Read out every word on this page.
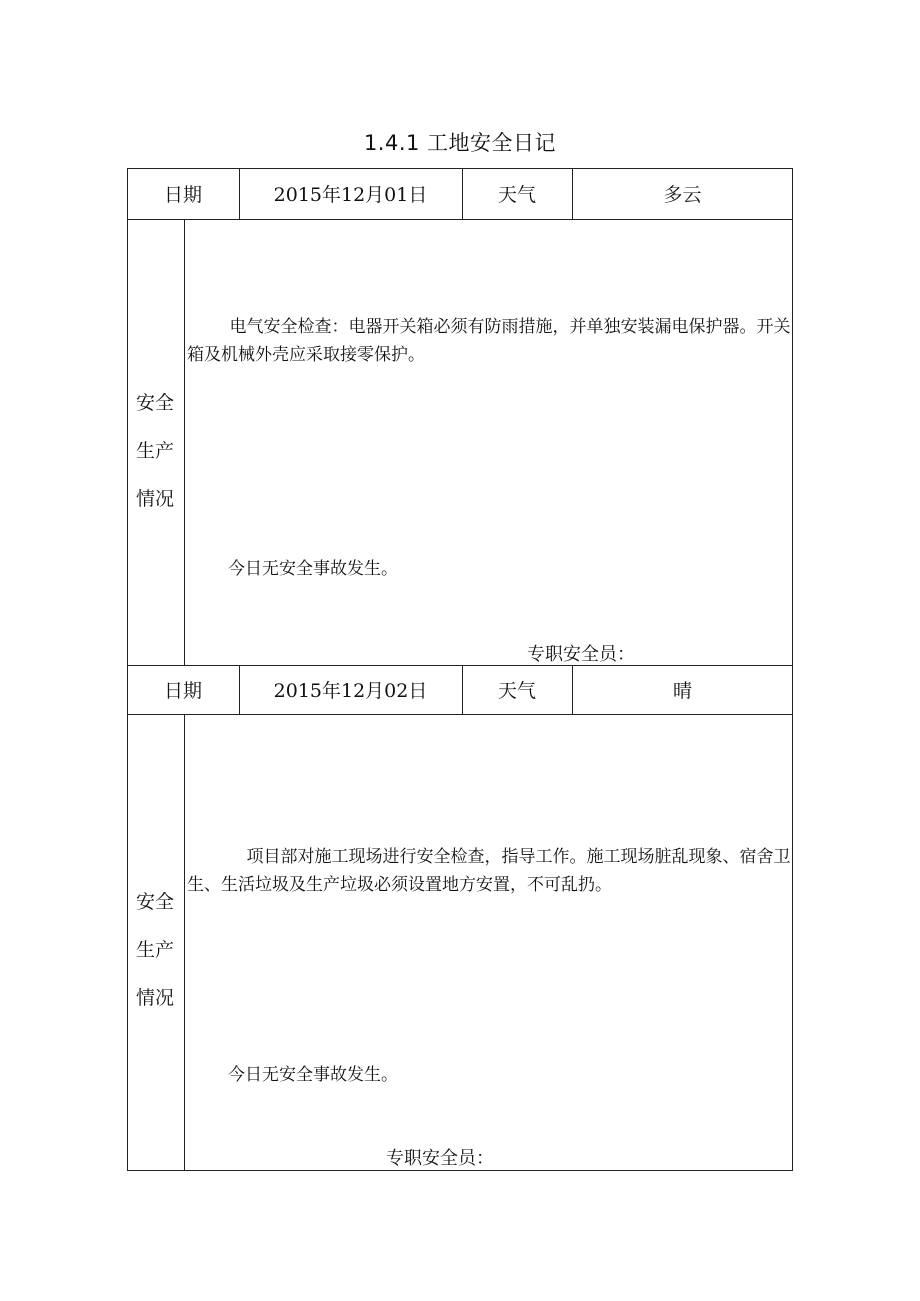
1.4.1 工地安全日记
日期	2015年12月01日	天气	多云
安全
生产
情况
电气安全检查：电器开关箱必须有防雨措施，并单独安装漏电保护器。开关箱及机械外壳应采取接零保护。
今日无安全事故发生。
专职安全员：
日期	2015年12月02日	天气	晴
安全
生产
情况
项目部对施工现场进行安全检查，指导工作。施工现场脏乱现象、宿舍卫生、生活垃圾及生产垃圾必须设置地方安置，不可乱扔。
今日无安全事故发生。
专职安全员：
